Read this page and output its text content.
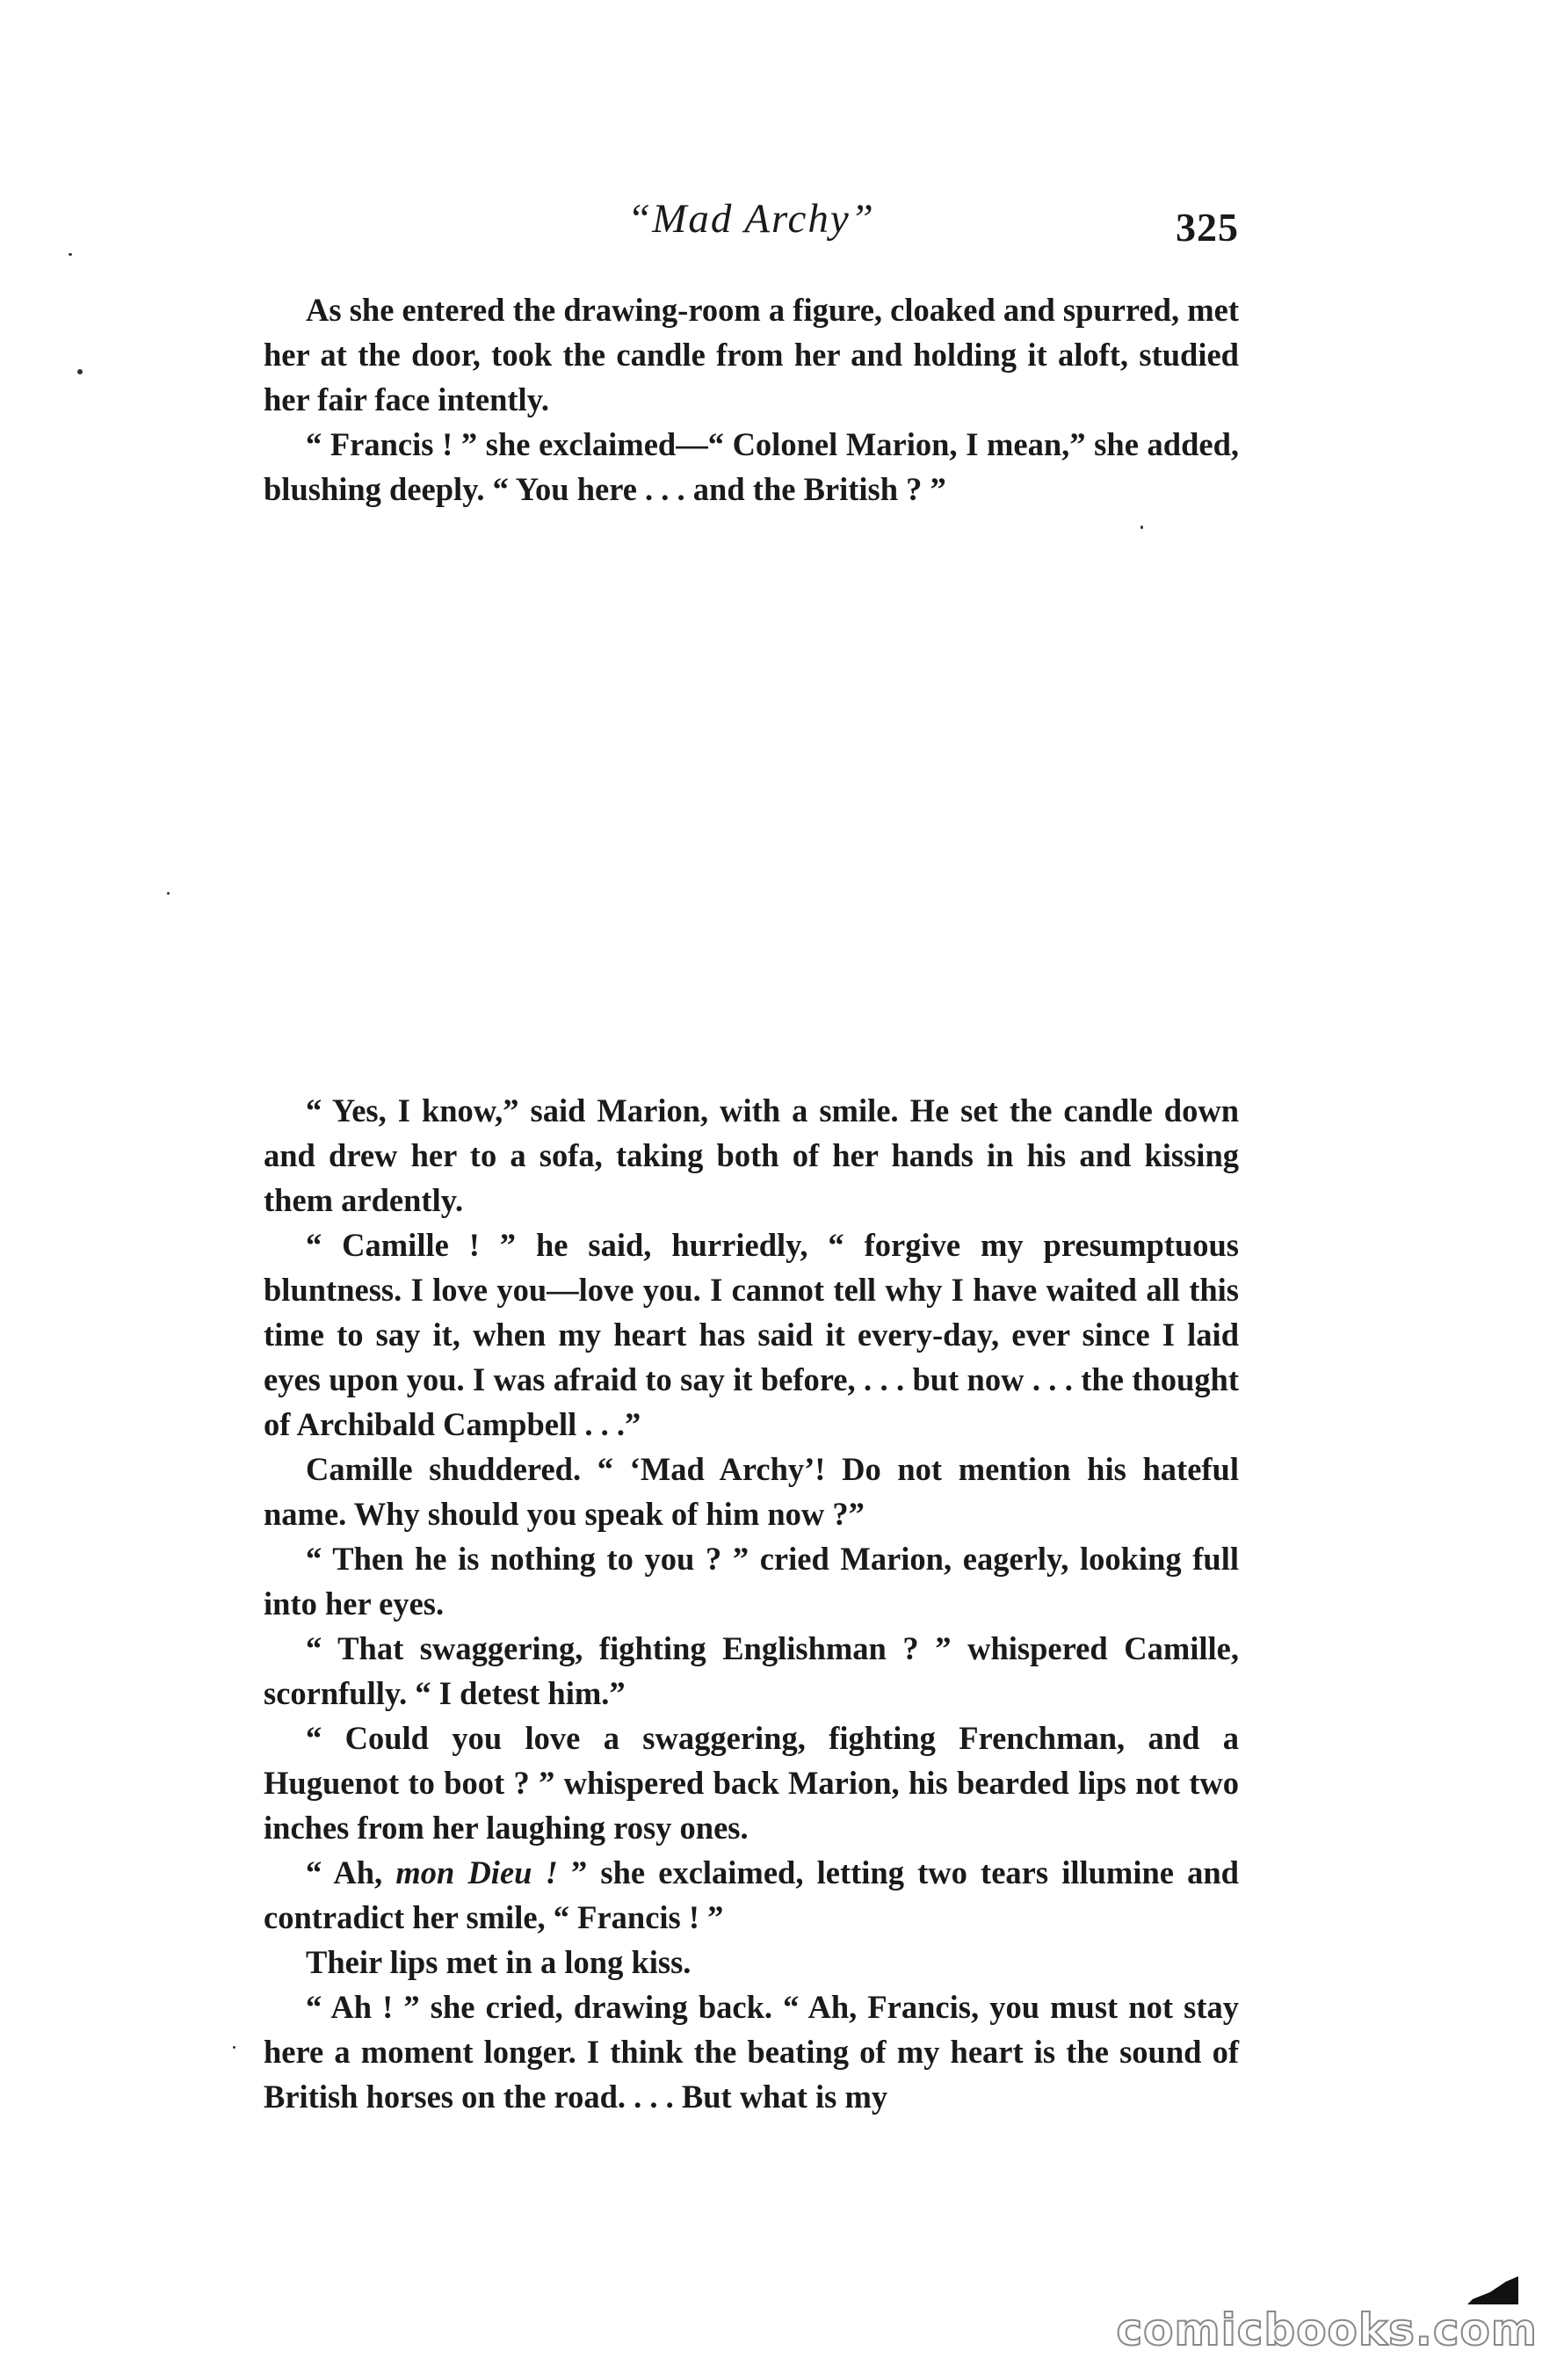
“Mad Archy”	325

As she entered the drawing-room a figure, cloaked and spurred, met her at the door, took the candle from her and holding it aloft, studied her fair face intently.

“ Francis ! ” she exclaimed—“ Colonel Marion, I mean,” she added, blushing deeply. “ You here . . . and the British ? ”

“ Yes, I know,” said Marion, with a smile. He set the candle down and drew her to a sofa, taking both of her hands in his and kissing them ardently.

“ Camille ! ” he said, hurriedly, “ forgive my presumptuous bluntness. I love you—love you. I cannot tell why I have waited all this time to say it, when my heart has said it every-day, ever since I laid eyes upon you. I was afraid to say it before, . . . but now . . . the thought of Archibald Campbell . . .”

Camille shuddered. “ ‘Mad Archy’! Do not mention his hateful name. Why should you speak of him now ?”

“ Then he is nothing to you ? ” cried Marion, eagerly, looking full into her eyes.

“ That swaggering, fighting Englishman ? ” whispered Camille, scornfully. “ I detest him.”

“ Could you love a swaggering, fighting Frenchman, and a Huguenot to boot ? ” whispered back Marion, his bearded lips not two inches from her laughing rosy ones.

“ Ah, mon Dieu ! ” she exclaimed, letting two tears illumine and contradict her smile, “ Francis ! ”

Their lips met in a long kiss.

“ Ah ! ” she cried, drawing back. “ Ah, Francis, you must not stay here a moment longer. I think the beating of my heart is the sound of British horses on the road. . . . But what is my

comicbooks.com
